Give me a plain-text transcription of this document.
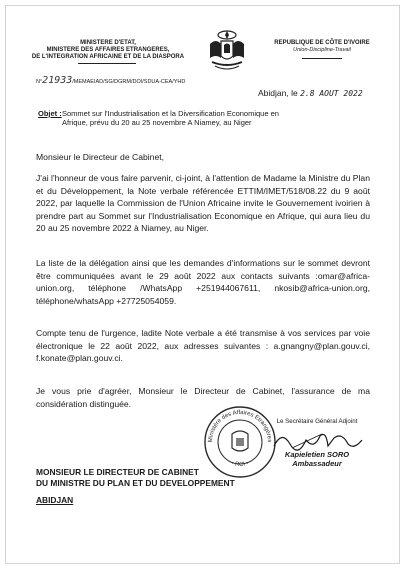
MINISTERE D'ETAT,
MINISTERE DES AFFAIRES ETRANGERES,
DE L'INTEGRATION AFRICAINE ET DE LA DIASPORA
REPUBLIQUE DE CÔTE D'IVOIRE
Union-Discipline-Travail
N°21933/MEMAEIAD/SG/DGRM/DOI/SDUA-CEA/YHD
Abidjan, le 2.8 AOUT 2022
Objet : Sommet sur l'Industrialisation et la Diversification Economique en Afrique, prévu du 20 au 25 novembre A Niamey, au Niger
Monsieur le Directeur de Cabinet,
J'ai l'honneur de vous faire parvenir, ci-joint, à l'attention de Madame la Ministre du Plan et du Développement, la Note verbale référencée ETTIM/IMET/518/08.22 du 9 août 2022, par laquelle la Commission de l'Union Africaine invite le Gouvernement ivoirien à prendre part au Sommet sur l'Industrialisation Economique en Afrique, qui aura lieu du 20 au 25 novembre 2022 à Niamey, au Niger.
La liste de la délégation ainsi que les demandes d'informations sur le sommet devront être communiquées avant le 29 août 2022 aux contacts suivants :omar@africa-union.org, téléphone /WhatsApp +251944067611, nkosib@africa-union.org, téléphone/whatsApp +27725054059.
Compte tenu de l'urgence, ladite Note verbale a été transmise à vos services par voie électronique le 22 août 2022, aux adresses suivantes : a.gnangny@plan.gouv.ci, f.konate@plan.gouv.ci.
Je vous prie d'agréer, Monsieur le Directeur de Cabinet, l'assurance de ma considération distinguée.
Ministère des Affaires Etrangères
• RCI •
Le Secrétaire Général Adjoint
Kapieletien SORO
Ambassadeur
MONSIEUR LE DIRECTEUR DE CABINET
DU MINISTRE DU PLAN ET DU DEVELOPPEMENT
ABIDJAN
